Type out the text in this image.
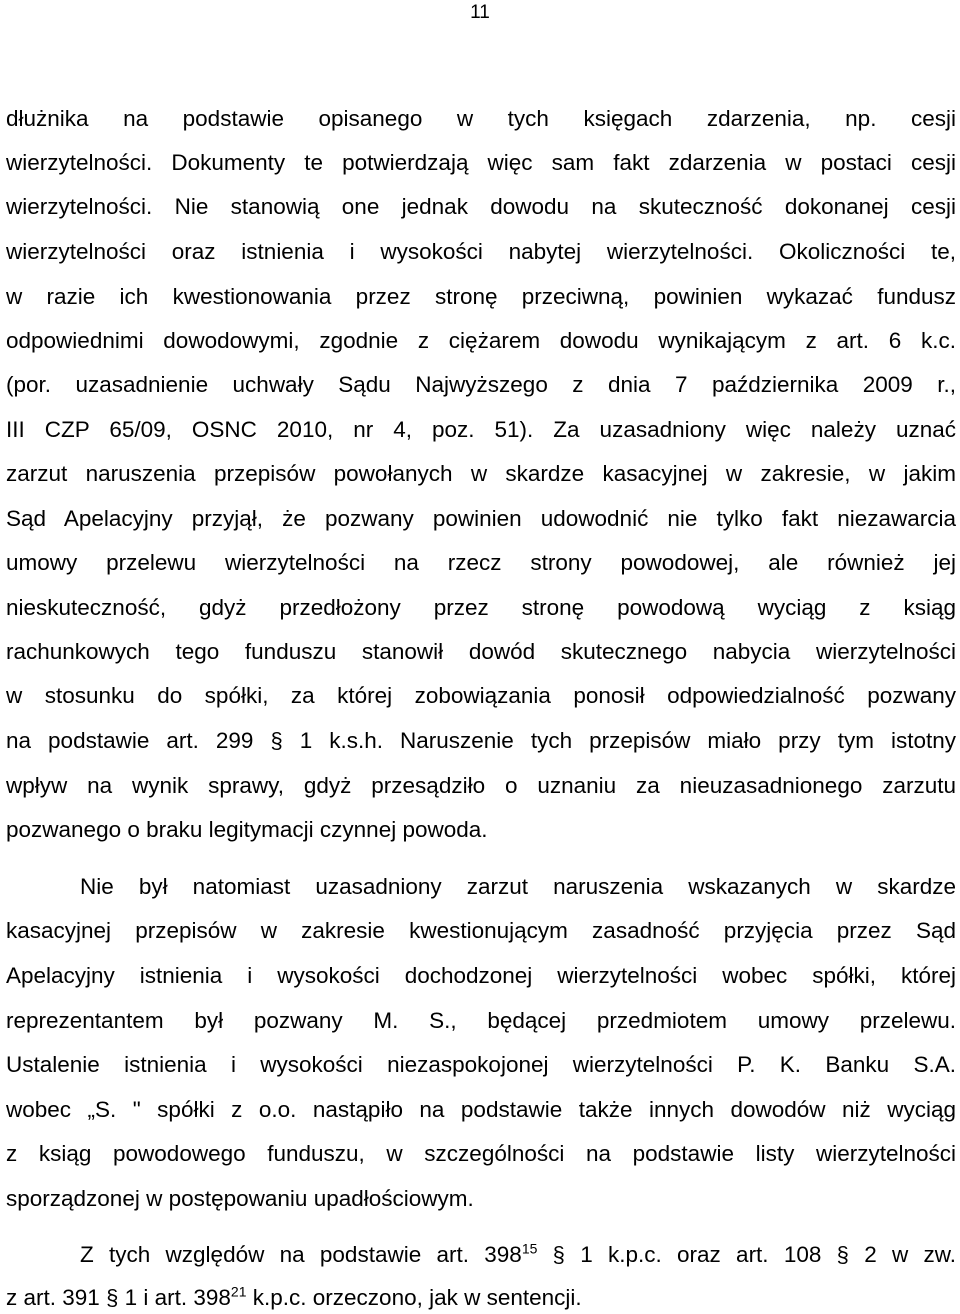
11
dłużnika na podstawie opisanego w tych księgach zdarzenia, np. cesji
wierzytelności. Dokumenty te potwierdzają więc sam fakt zdarzenia w postaci cesji
wierzytelności. Nie stanowią one jednak dowodu na skuteczność dokonanej cesji
wierzytelności oraz istnienia i wysokości nabytej wierzytelności. Okoliczności te,
w razie ich kwestionowania przez stronę przeciwną, powinien wykazać fundusz
odpowiednimi dowodowymi, zgodnie z ciężarem dowodu wynikającym z art. 6 k.c.
(por. uzasadnienie uchwały Sądu Najwyższego z dnia 7 października 2009 r.,
III CZP 65/09, OSNC 2010, nr 4, poz. 51). Za uzasadniony więc należy uznać
zarzut naruszenia przepisów powołanych w skardze kasacyjnej w zakresie, w jakim
Sąd Apelacyjny przyjął, że pozwany powinien udowodnić nie tylko fakt niezawarcia
umowy przelewu wierzytelności na rzecz strony powodowej, ale również jej
nieskuteczność, gdyż przedłożony przez stronę powodową wyciąg z ksiąg
rachunkowych tego funduszu stanowił dowód skutecznego nabycia wierzytelności
w stosunku do spółki, za której zobowiązania ponosił odpowiedzialność pozwany
na podstawie art. 299 § 1 k.s.h. Naruszenie tych przepisów miało przy tym istotny
wpływ na wynik sprawy, gdyż przesądziło o uznaniu za nieuzasadnionego zarzutu
pozwanego o braku legitymacji czynnej powoda.
Nie był natomiast uzasadniony zarzut naruszenia wskazanych w skardze
kasacyjnej przepisów w zakresie kwestionującym zasadność przyjęcia przez Sąd
Apelacyjny istnienia i wysokości dochodzonej wierzytelności wobec spółki, której
reprezentantem był pozwany M. S., będącej przedmiotem umowy przelewu.
Ustalenie istnienia i wysokości niezaspokojonej wierzytelności P. K. Banku S.A.
wobec „S. " spółki z o.o. nastąpiło na podstawie także innych dowodów niż wyciąg
z ksiąg powodowego funduszu, w szczególności na podstawie listy wierzytelności
sporządzonej w postępowaniu upadłościowym.
Z tych względów na podstawie art. $398^{15}$ § 1 k.p.c. oraz art. 108 § 2 w zw.
z art. 391 § 1 i art. $398^{21}$ k.p.c. orzeczono, jak w sentencji.
